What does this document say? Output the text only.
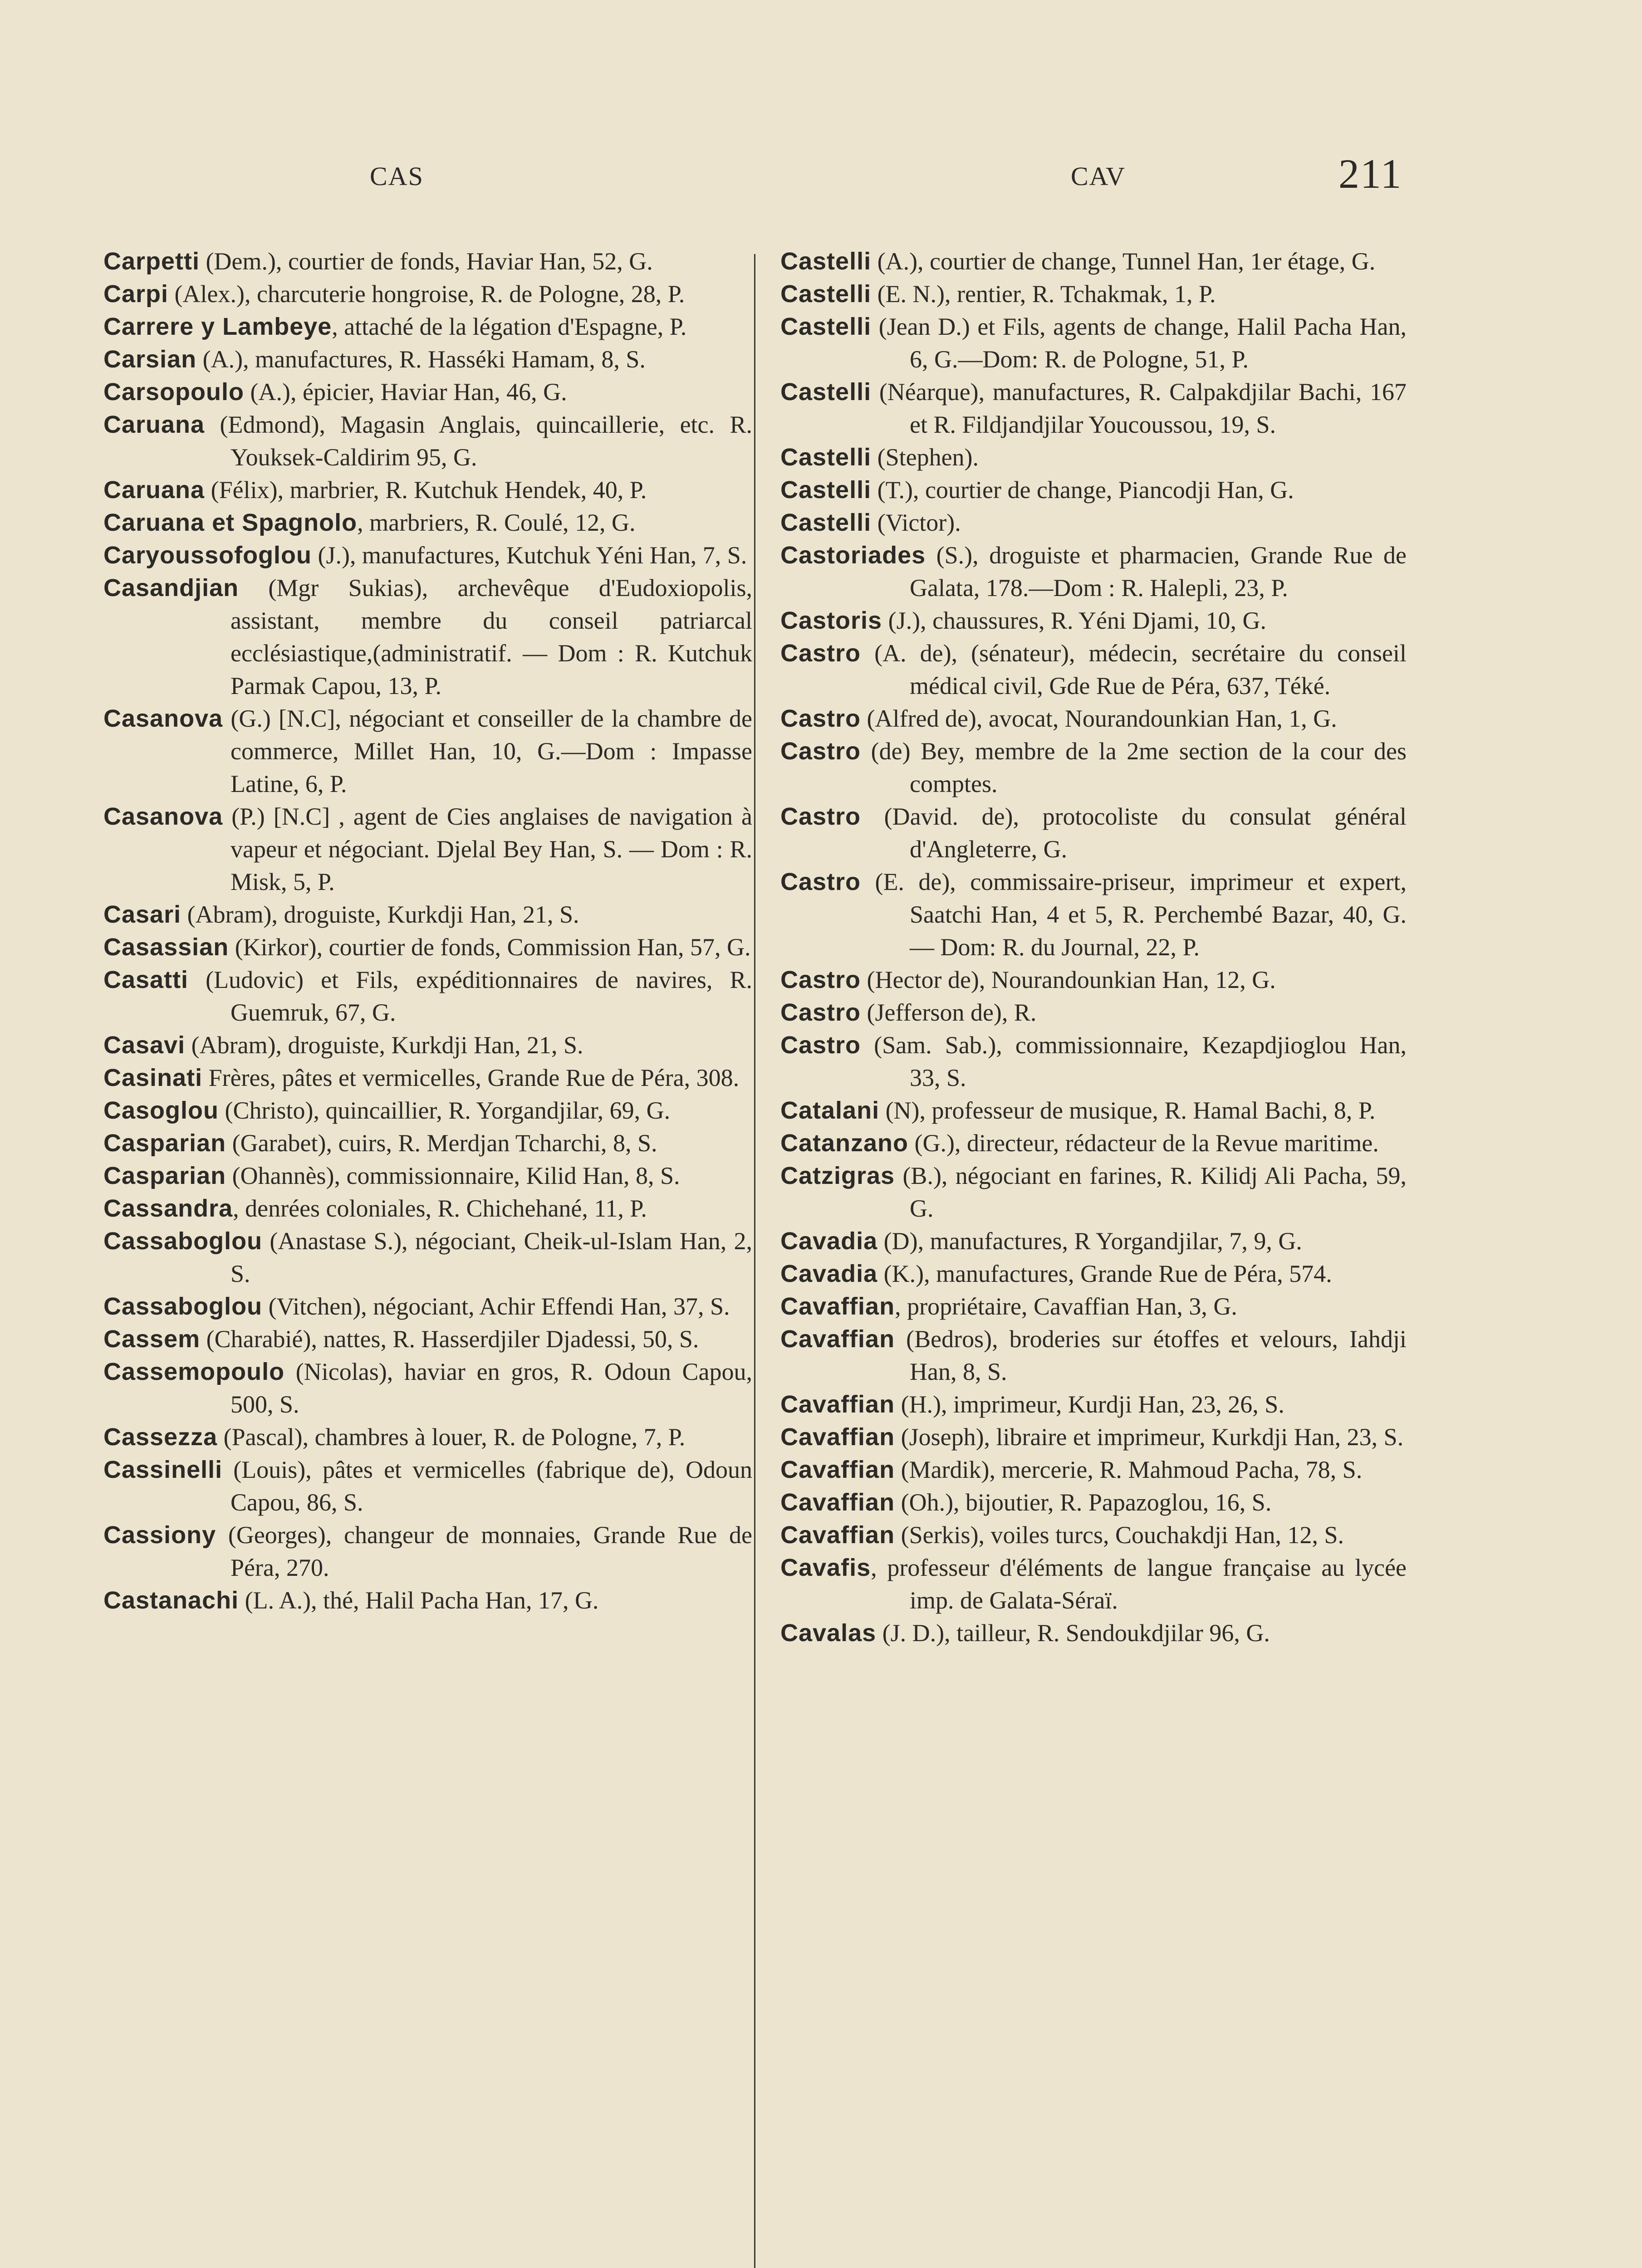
CAS	CAV	211
Carpetti (Dem.), courtier de fonds, Haviar Han, 52, G.
Carpi (Alex.), charcuterie hongroise, R. de Pologne, 28, P.
Carrere y Lambeye, attaché de la légation d'Espagne, P.
Carsian (A.), manufactures, R. Hasséki Hamam, 8, S.
Carsopoulo (A.), épicier, Haviar Han, 46, G.
Caruana (Edmond), Magasin Anglais, quincaillerie, etc. R. Youksek-Caldirim 95, G.
Caruana (Félix), marbrier, R. Kutchuk Hendek, 40, P.
Caruana et Spagnolo, marbriers, R. Coulé, 12, G.
Caryoussofoglou (J.), manufactures, Kutchuk Yéni Han, 7, S.
Casandjian (Mgr Sukias), archevêque d'Eudoxiopolis, assistant, membre du conseil patriarcal ecclésiastique,(administratif. — Dom : R. Kutchuk Parmak Capou, 13, P.
Casanova (G.) [N.C], négociant et conseiller de la chambre de commerce, Millet Han, 10, G.—Dom : Impasse Latine, 6, P.
Casanova (P.) [N.C] , agent de Cies anglaises de navigation à vapeur et négociant. Djelal Bey Han, S. — Dom : R. Misk, 5, P.
Casari (Abram), droguiste, Kurkdji Han, 21, S.
Casassian (Kirkor), courtier de fonds, Commission Han, 57, G.
Casatti (Ludovic) et Fils, expéditionnaires de navires, R. Guemruk, 67, G.
Casavi (Abram), droguiste, Kurkdji Han, 21, S.
Casinati Frères, pâtes et vermicelles, Grande Rue de Péra, 308.
Casoglou (Christo), quincaillier, R. Yorgandjilar, 69, G.
Casparian (Garabet), cuirs, R. Merdjan Tcharchi, 8, S.
Casparian (Ohannès), commissionnaire, Kilid Han, 8, S.
Cassandra, denrées coloniales, R. Chichehané, 11, P.
Cassaboglou (Anastase S.), négociant, Cheik-ul-Islam Han, 2, S.
Cassaboglou (Vitchen), négociant, Achir Effendi Han, 37, S.
Cassem (Charabié), nattes, R. Hasserdjiler Djadessi, 50, S.
Cassemopoulo (Nicolas), haviar en gros, R. Odoun Capou, 500, S.
Cassezza (Pascal), chambres à louer, R. de Pologne, 7, P.
Cassinelli (Louis), pâtes et vermicelles (fabrique de), Odoun Capou, 86, S.
Cassiony (Georges), changeur de monnaies, Grande Rue de Péra, 270.
Castanachi (L. A.), thé, Halil Pacha Han, 17, G.
Castelli (A.), courtier de change, Tunnel Han, 1er étage, G.
Castelli (E. N.), rentier, R. Tchakmak, 1, P.
Castelli (Jean D.) et Fils, agents de change, Halil Pacha Han, 6, G.—Dom: R. de Pologne, 51, P.
Castelli (Néarque), manufactures, R. Calpakdjilar Bachi, 167 et R. Fildjandjilar Youcoussou, 19, S.
Castelli (Stephen).
Castelli (T.), courtier de change, Piancodji Han, G.
Castelli (Victor).
Castoriades (S.), droguiste et pharmacien, Grande Rue de Galata, 178.—Dom : R. Halepli, 23, P.
Castoris (J.), chaussures, R. Yéni Djami, 10, G.
Castro (A. de), (sénateur), médecin, secrétaire du conseil médical civil, Gde Rue de Péra, 637, Téké.
Castro (Alfred de), avocat, Nourandounkian Han, 1, G.
Castro (de) Bey, membre de la 2me section de la cour des comptes.
Castro (David. de), protocoliste du consulat général d'Angleterre, G.
Castro (E. de), commissaire-priseur, imprimeur et expert, Saatchi Han, 4 et 5, R. Perchembé Bazar, 40, G. — Dom: R. du Journal, 22, P.
Castro (Hector de), Nourandounkian Han, 12, G.
Castro (Jefferson de), R.
Castro (Sam. Sab.), commissionnaire, Kezapdjioglou Han, 33, S.
Catalani (N), professeur de musique, R. Hamal Bachi, 8, P.
Catanzano (G.), directeur, rédacteur de la Revue maritime.
Catzigras (B.), négociant en farines, R. Kilidj Ali Pacha, 59, G.
Cavadia (D), manufactures, R Yorgandjilar, 7, 9, G.
Cavadia (K.), manufactures, Grande Rue de Péra, 574.
Cavaffian, propriétaire, Cavaffian Han, 3, G.
Cavaffian (Bedros), broderies sur étoffes et velours, Iahdji Han, 8, S.
Cavaffian (H.), imprimeur, Kurdji Han, 23, 26, S.
Cavaffian (Joseph), libraire et imprimeur, Kurkdji Han, 23, S.
Cavaffian (Mardik), mercerie, R. Mahmoud Pacha, 78, S.
Cavaffian (Oh.), bijoutier, R. Papazoglou, 16, S.
Cavaffian (Serkis), voiles turcs, Couchakdji Han, 12, S.
Cavafis, professeur d'éléments de langue française au lycée imp. de Galata-Séraï.
Cavalas (J. D.), tailleur, R. Sendoukdjilar 96, G.
